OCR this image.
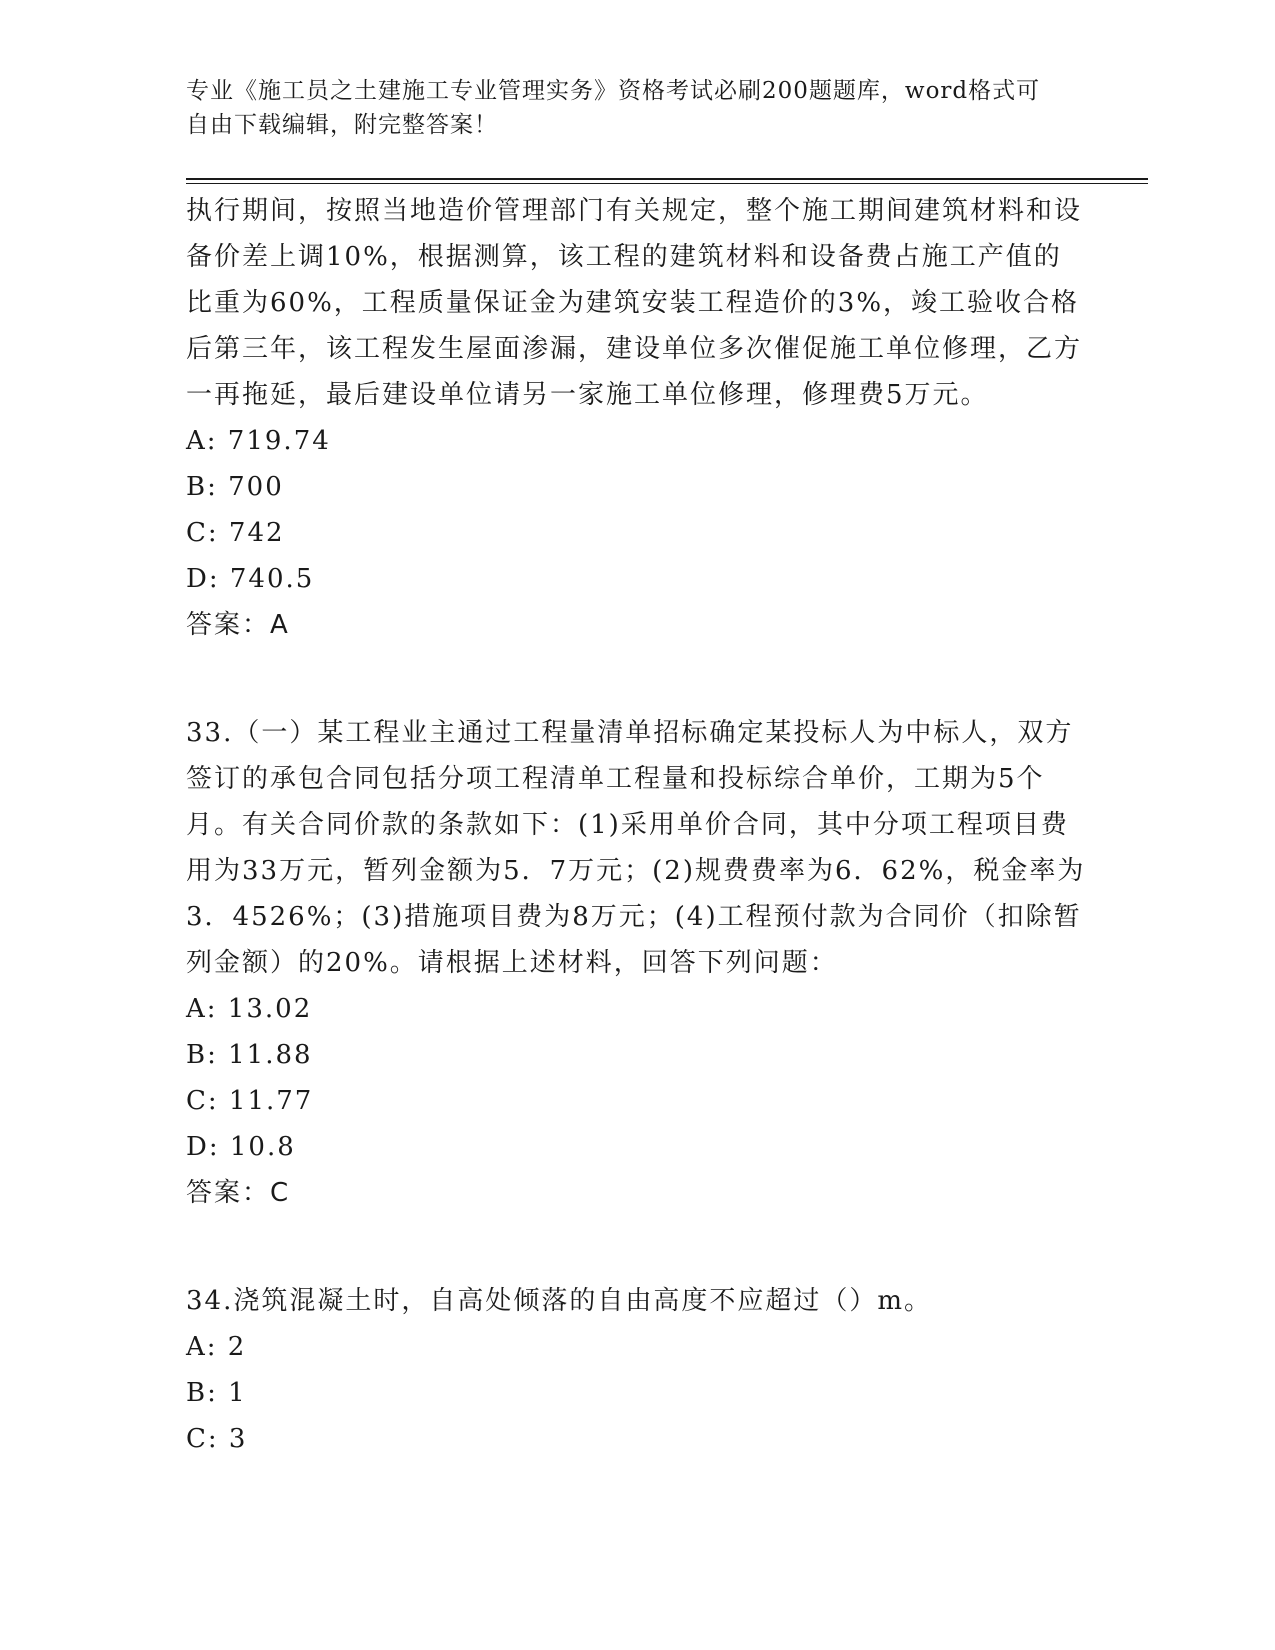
专业《施工员之土建施工专业管理实务》资格考试必刷200题题库，word格式可
自由下载编辑，附完整答案！
执行期间，按照当地造价管理部门有关规定，整个施工期间建筑材料和设备价差上调10%，根据测算，该工程的建筑材料和设备费占施工产值的比重为60%，工程质量保证金为建筑安装工程造价的3%，竣工验收合格后第三年，该工程发生屋面渗漏，建设单位多次催促施工单位修理，乙方一再拖延，最后建设单位请另一家施工单位修理，修理费5万元。
A: 719.74
B: 700
C: 742
D: 740.5
答案：A
33.（一）某工程业主通过工程量清单招标确定某投标人为中标人，双方签订的承包合同包括分项工程清单工程量和投标综合单价，工期为5个月。有关合同价款的条款如下：(1)采用单价合同，其中分项工程项目费用为33万元，暂列金额为5．7万元；(2)规费费率为6．62%，税金率为3．4526%；(3)措施项目费为8万元；(4)工程预付款为合同价（扣除暂列金额）的20%。请根据上述材料，回答下列问题：
A: 13.02
B: 11.88
C: 11.77
D: 10.8
答案：C
34.浇筑混凝土时，自高处倾落的自由高度不应超过（）m。
A: 2
B: 1
C: 3
